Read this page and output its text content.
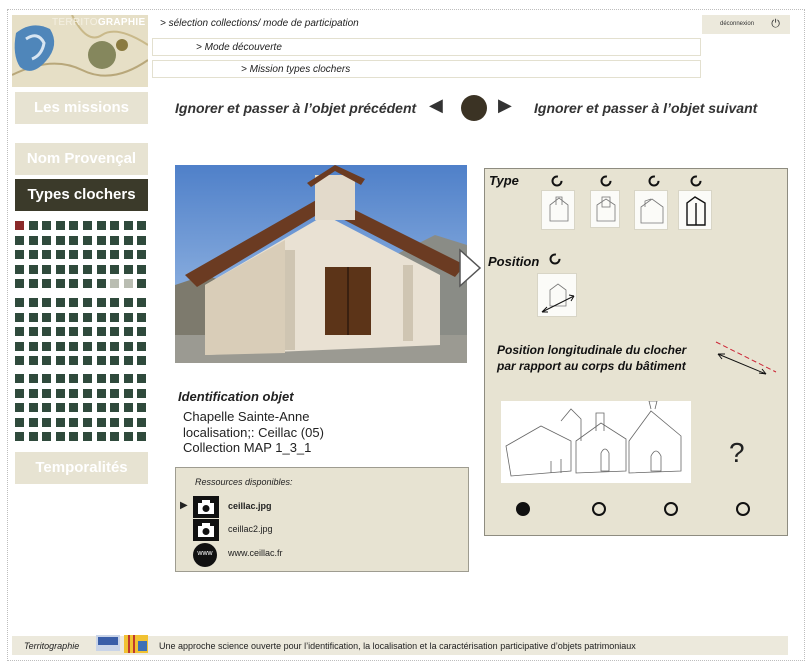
TERRITOGRAPHIE	> sélection collections/ mode de participation
> Mode découverte
> Mission types clochers
déconnexion ⏻
Les missions
Nom Provençal
Types clochers
Temporalités
Ignorer et passer à l’objet précédent ◀	▶ Ignorer et passer à l’objet suivant
Identification objet
Chapelle Sainte-Anne
localisation;: Ceillac (05)
Collection MAP 1_3_1
Ressources disponibles:
▶	ceillac.jpg
ceillac2.jpg
www	www.ceillac.fr
Type
Position
Position longitudinale du clocher
par rapport au corps du bâtiment
?
Territographie	Une approche science ouverte pour l’identification, la localisation et la caractérisation participative d’objets patrimoniaux
